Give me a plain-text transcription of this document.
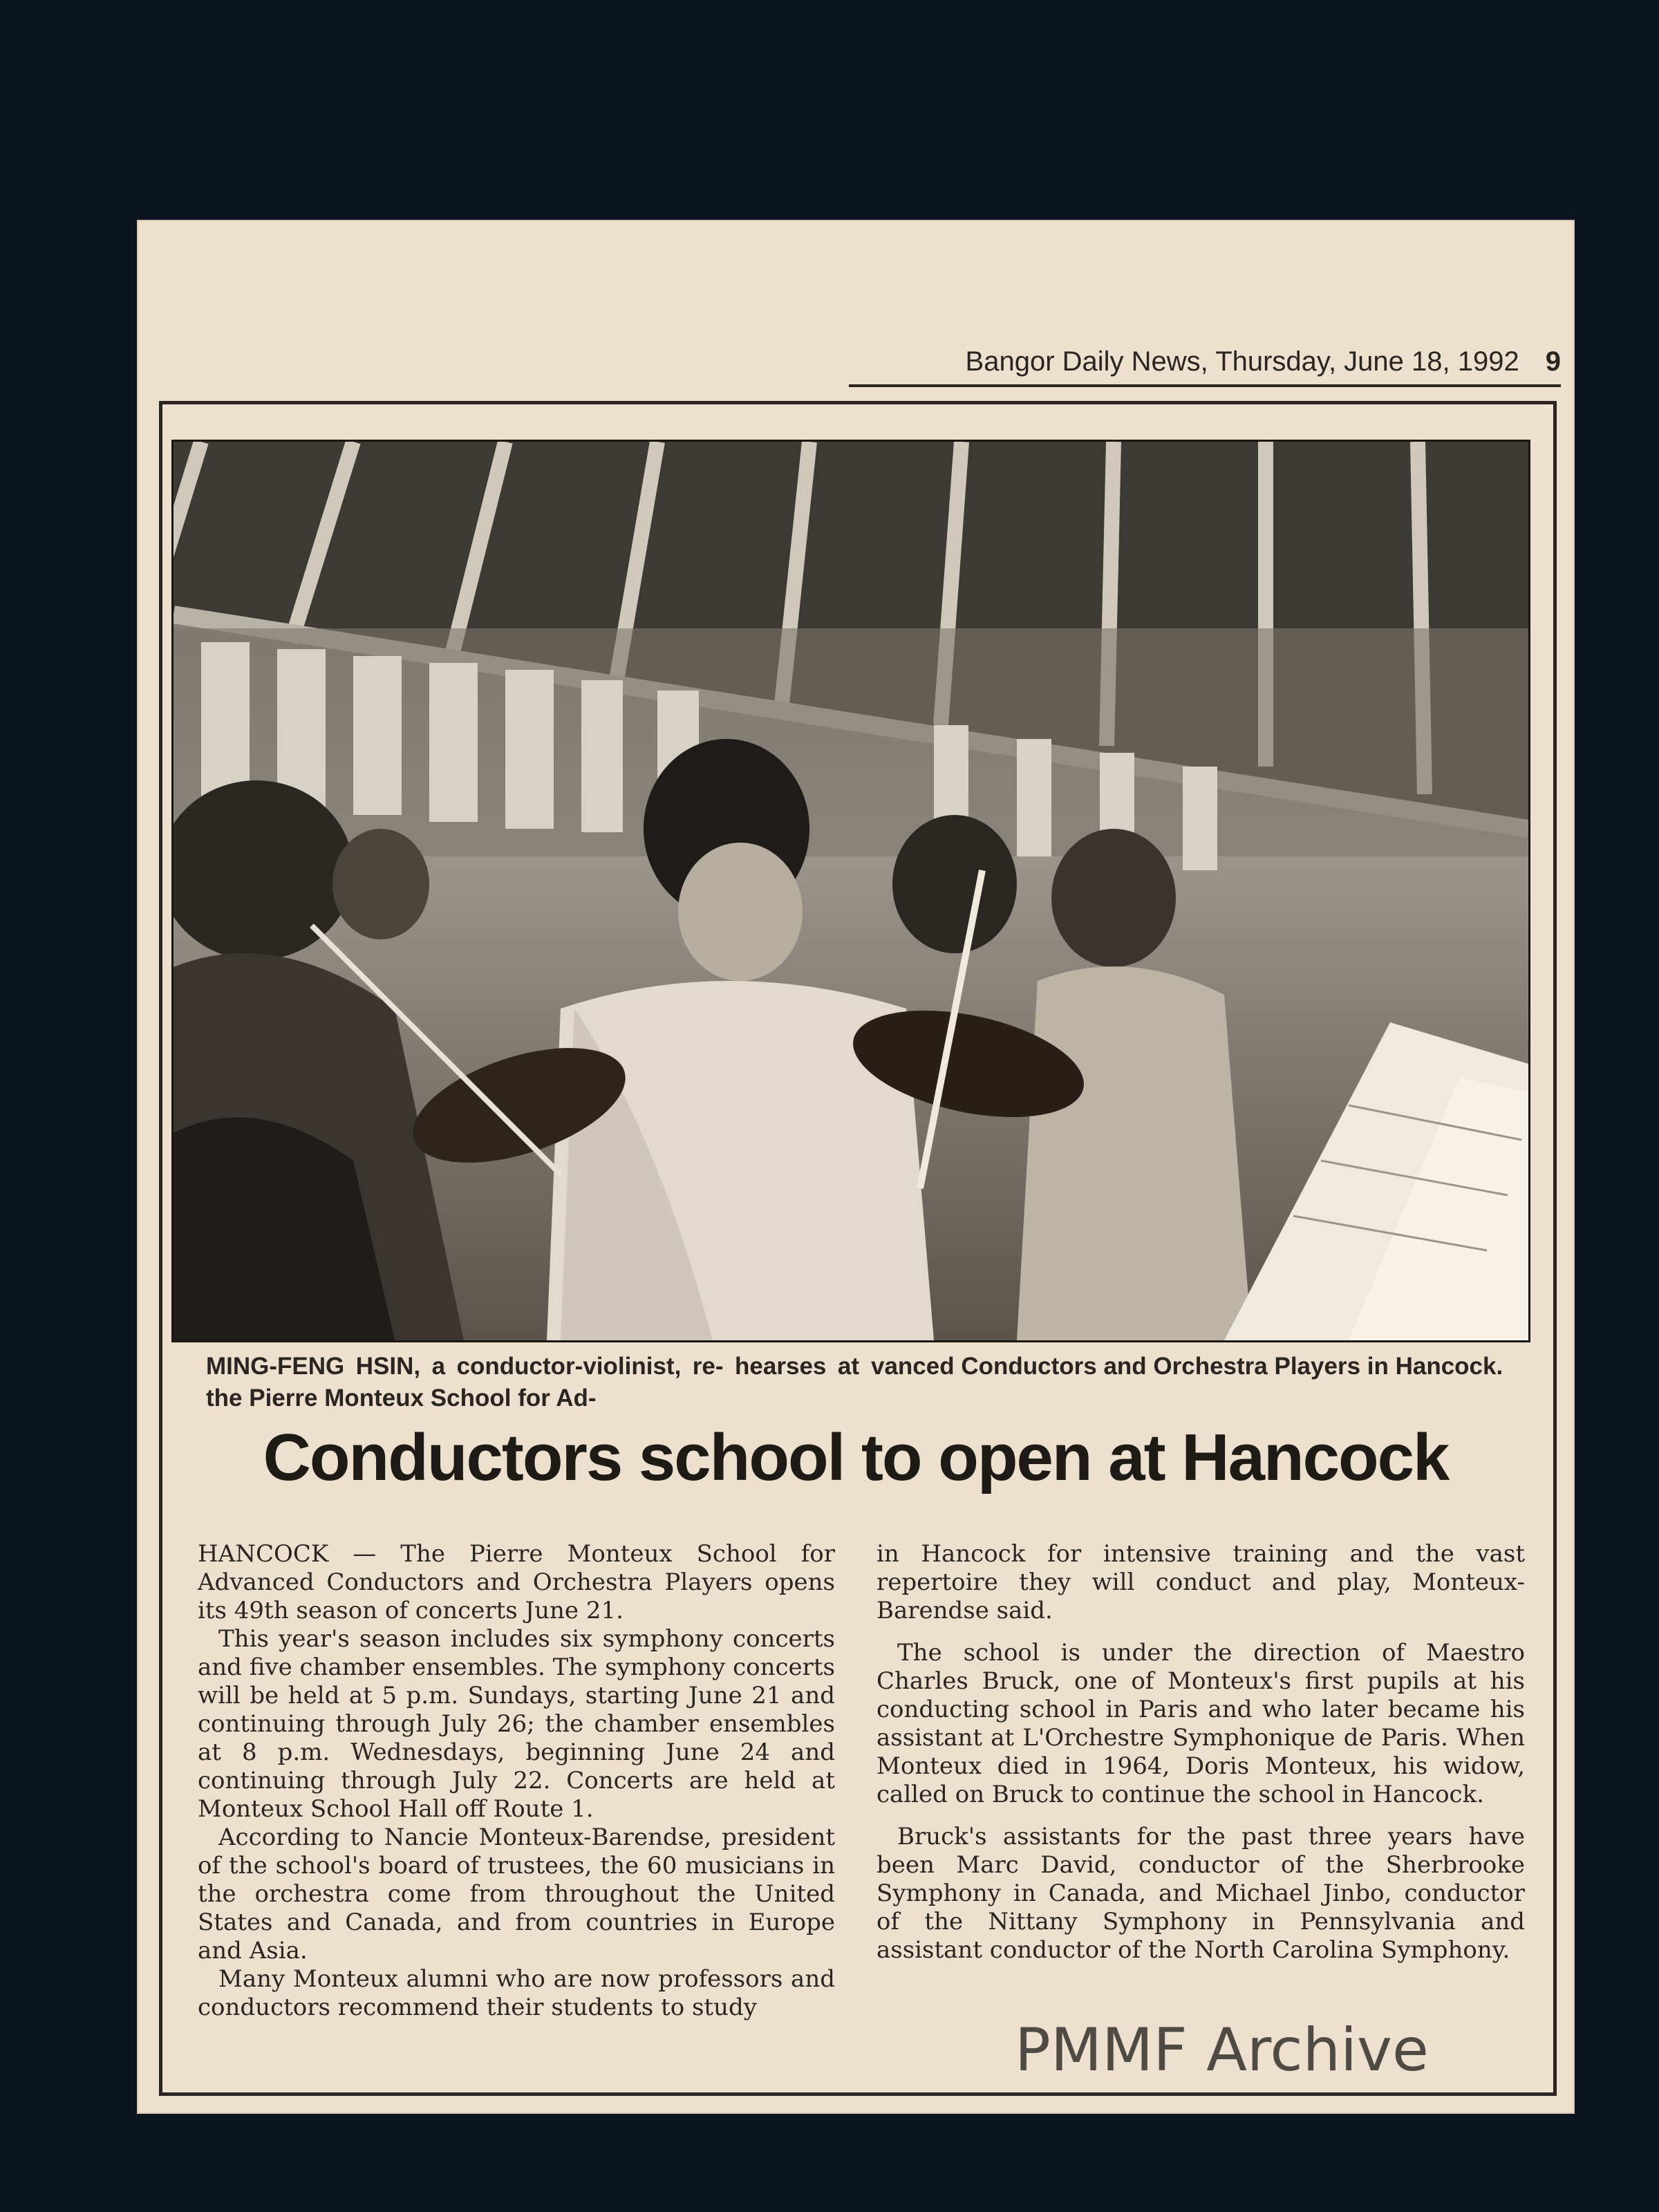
Bangor Daily News, Thursday, June 18, 1992 9
MING-FENG HSIN, a conductor-violinist, re- hearses at the Pierre Monteux School for Ad-
vanced Conductors and Orchestra Players in Hancock.
Conductors school to open at Hancock

HANCOCK — The Pierre Monteux School for Advanced Conductors and Orchestra Players opens its 49th season of concerts June 21.

This year's season includes six symphony concerts and five chamber ensembles. The symphony concerts will be held at 5 p.m. Sundays, starting June 21 and continuing through July 26; the chamber ensembles at 8 p.m. Wednesdays, beginning June 24 and continuing through July 22. Concerts are held at Monteux School Hall off Route 1.

According to Nancie Monteux-Barendse, president of the school's board of trustees, the 60 musicians in the orchestra come from throughout the United States and Canada, and from countries in Europe and Asia.

Many Monteux alumni who are now professors and conductors recommend their students to study

in Hancock for intensive training and the vast repertoire they will conduct and play, Monteux-Barendse said.

The school is under the direction of Maestro Charles Bruck, one of Monteux's first pupils at his conducting school in Paris and who later became his assistant at L'Orchestre Symphonique de Paris. When Monteux died in 1964, Doris Monteux, his widow, called on Bruck to continue the school in Hancock.

Bruck's assistants for the past three years have been Marc David, conductor of the Sherbrooke Symphony in Canada, and Michael Jinbo, conductor of the Nittany Symphony in Pennsylvania and assistant conductor of the North Carolina Symphony.

PMMF Archive
